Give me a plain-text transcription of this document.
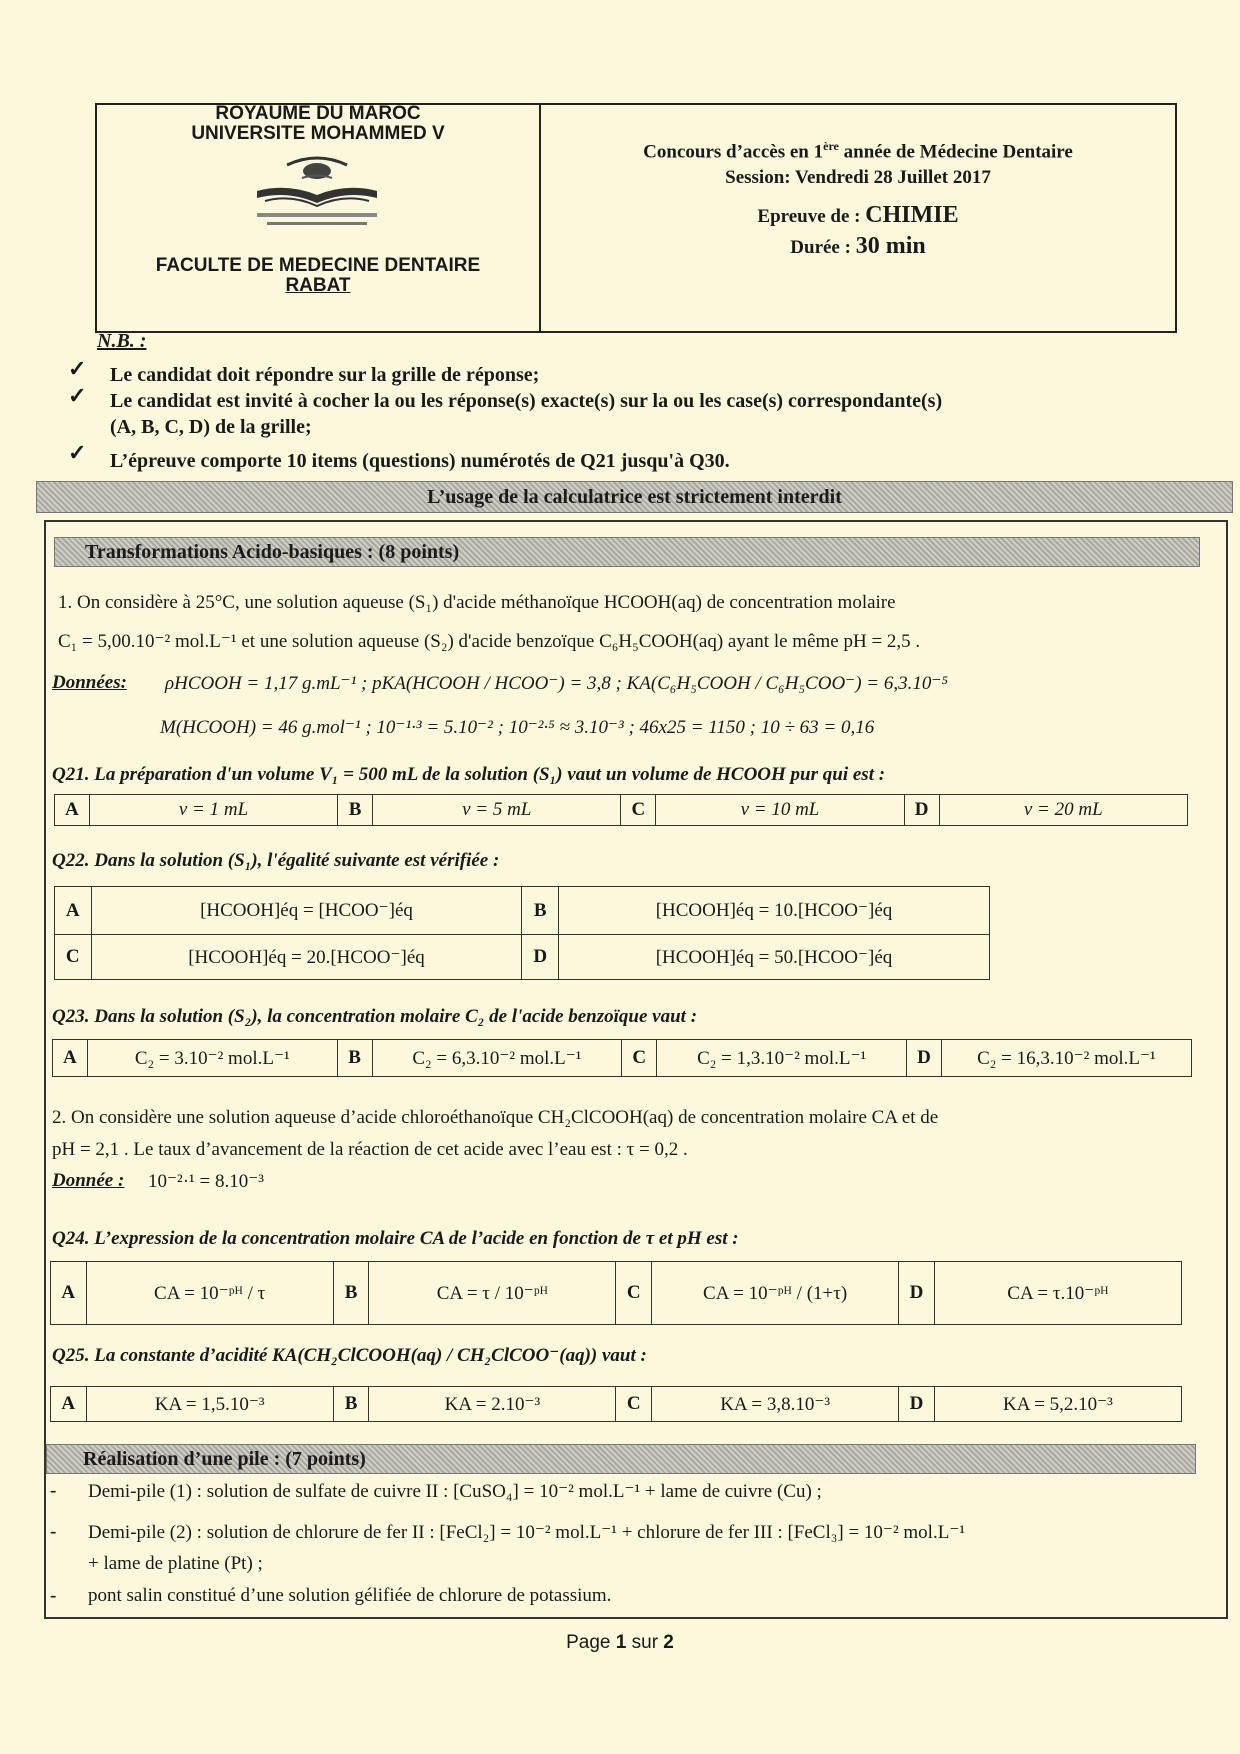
ROYAUME DU MAROC
UNIVERSITE MOHAMMED V
FACULTE DE MEDECINE DENTAIRE
RABAT
Concours d’accès en 1ère année de Médecine Dentaire
Session: Vendredi 28 Juillet 2017
Epreuve de : CHIMIE
Durée : 30 min
N.B. :
✓ Le candidat doit répondre sur la grille de réponse;
✓ Le candidat est invité à cocher la ou les réponse(s) exacte(s) sur la ou les case(s) correspondante(s)
(A, B, C, D) de la grille;
✓ L’épreuve comporte 10 items (questions) numérotés de Q21 jusqu'à Q30.
L’usage de la calculatrice est strictement interdit
Transformations Acido-basiques : (8 points)
1. On considère à 25°C, une solution aqueuse (S₁) d'acide méthanoïque HCOOH(aq) de concentration molaire
C₁ = 5,00.10⁻² mol.L⁻¹ et une solution aqueuse (S₂) d'acide benzoïque C₆H₅COOH(aq) ayant le même pH = 2,5 .
Données: ρHCOOH = 1,17 g.mL⁻¹ ; pKA(HCOOH / HCOO⁻) = 3,8 ; KA(C₆H₅COOH / C₆H₅COO⁻) = 6,3.10⁻⁵
M(HCOOH) = 46 g.mol⁻¹ ; 10⁻¹·³ = 5.10⁻² ; 10⁻²·⁵ ≈ 3.10⁻³ ; 46x25 = 1150 ; 10 ÷ 63 = 0,16
Q21. La préparation d'un volume V₁ = 500 mL de la solution (S₁) vaut un volume de HCOOH pur qui est :
A	v = 1 mL	B	v = 5 mL	C	v = 10 mL	D	v = 20 mL
Q22. Dans la solution (S₁), l'égalité suivante est vérifiée :
A	[HCOOH]éq = [HCOO⁻]éq	B	[HCOOH]éq = 10.[HCOO⁻]éq
C	[HCOOH]éq = 20.[HCOO⁻]éq	D	[HCOOH]éq = 50.[HCOO⁻]éq
Q23. Dans la solution (S₂), la concentration molaire C₂ de l'acide benzoïque vaut :
A	C₂ = 3.10⁻² mol.L⁻¹	B	C₂ = 6,3.10⁻² mol.L⁻¹	C	C₂ = 1,3.10⁻² mol.L⁻¹	D	C₂ = 16,3.10⁻² mol.L⁻¹
2. On considère une solution aqueuse d’acide chloroéthanoïque CH₂ClCOOH(aq) de concentration molaire CA et de
pH = 2,1 . Le taux d’avancement de la réaction de cet acide avec l’eau est : τ = 0,2 .
Donnée : 10⁻²·¹ = 8.10⁻³
Q24. L’expression de la concentration molaire CA de l’acide en fonction de τ et pH est :
A	CA = 10⁻ᵖᴴ / τ	B	CA = τ / 10⁻ᵖᴴ	C	CA = 10⁻ᵖᴴ / (1+τ)	D	CA = τ.10⁻ᵖᴴ
Q25. La constante d’acidité KA(CH₂ClCOOH(aq) / CH₂ClCOO⁻(aq)) vaut :
A	KA = 1,5.10⁻³	B	KA = 2.10⁻³	C	KA = 3,8.10⁻³	D	KA = 5,2.10⁻³
Réalisation d’une pile : (7 points)
- Demi-pile (1) : solution de sulfate de cuivre II : [CuSO₄] = 10⁻² mol.L⁻¹ + lame de cuivre (Cu) ;
- Demi-pile (2) : solution de chlorure de fer II : [FeCl₂] = 10⁻² mol.L⁻¹ + chlorure de fer III : [FeCl₃] = 10⁻² mol.L⁻¹
+ lame de platine (Pt) ;
- pont salin constitué d’une solution gélifiée de chlorure de potassium.
Page 1 sur 2
